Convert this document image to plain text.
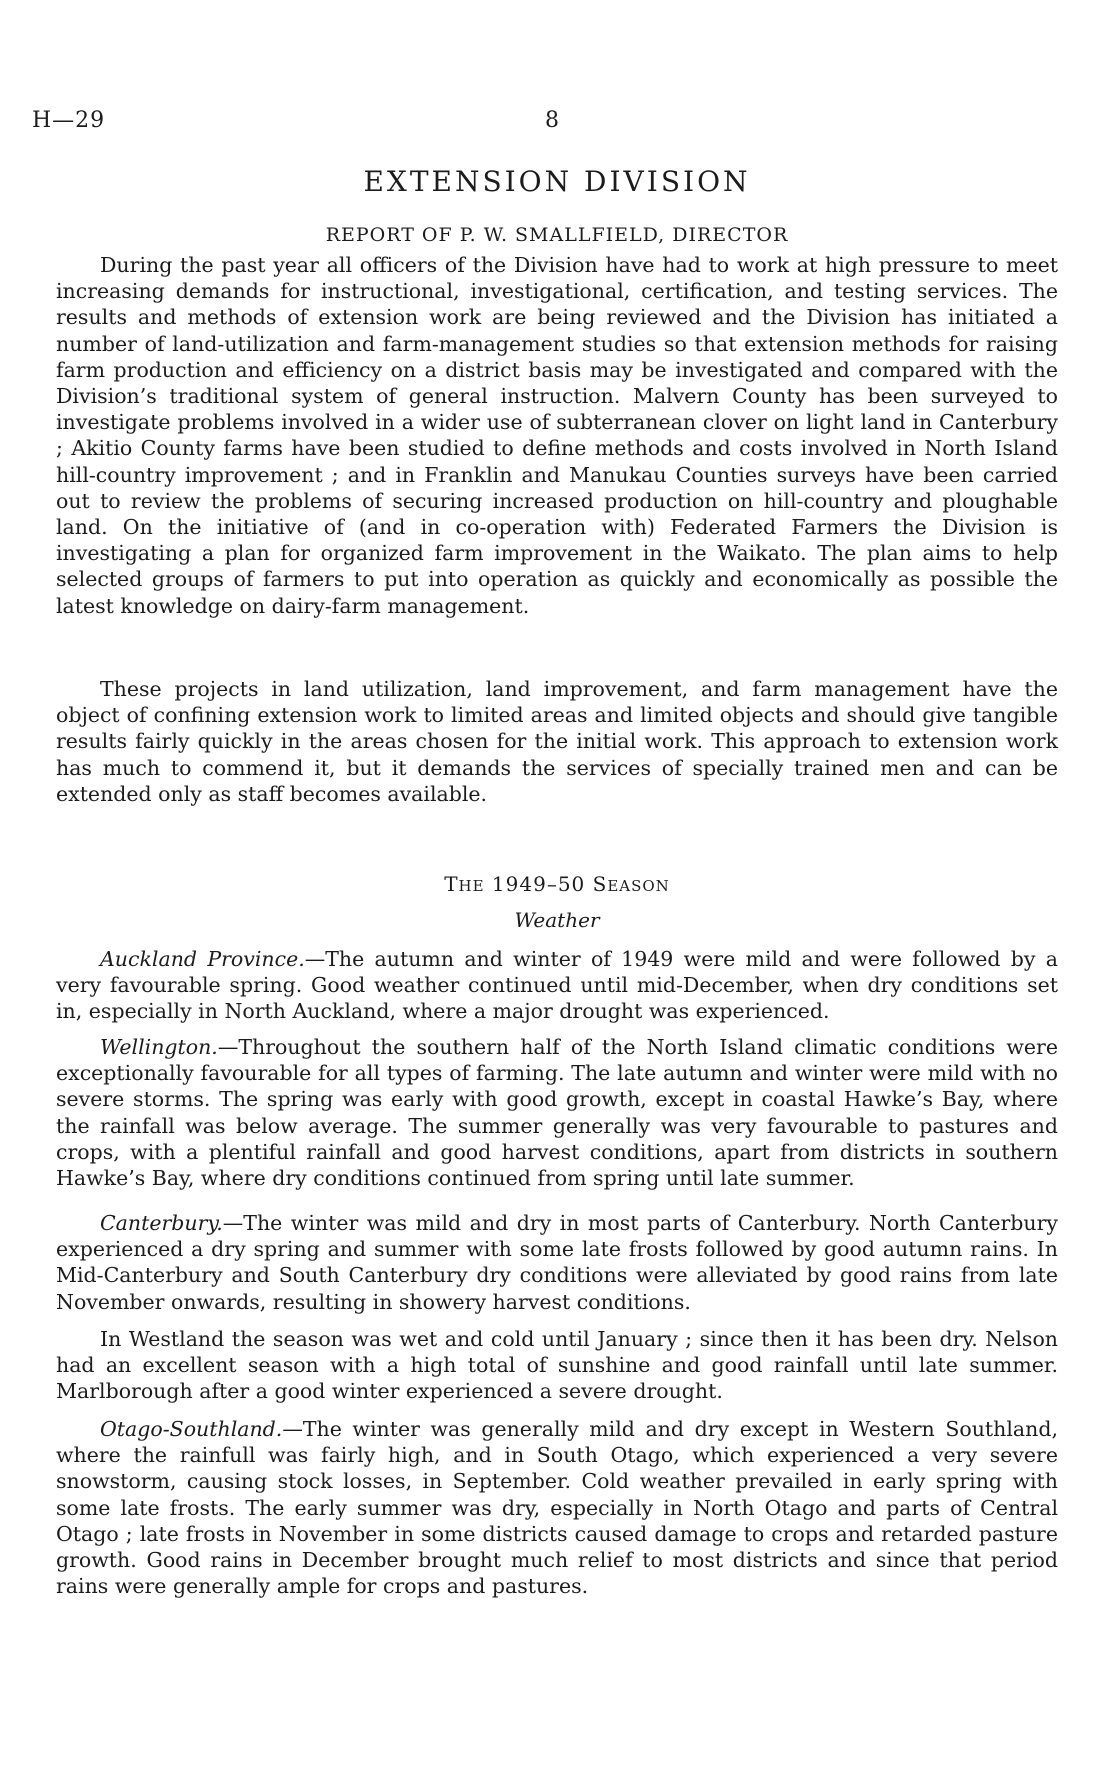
H—29	8
EXTENSION DIVISION
REPORT OF P. W. SMALLFIELD, DIRECTOR

During the past year all officers of the Division have had to work at high pressure to meet increasing demands for instructional, investigational, certification, and testing services. The results and methods of extension work are being reviewed and the Division has initiated a number of land-utilization and farm-management studies so that extension methods for raising farm production and efficiency on a district basis may be investigated and compared with the Division’s traditional system of general instruction. Malvern County has been surveyed to investigate problems involved in a wider use of subterranean clover on light land in Canterbury ; Akitio County farms have been studied to define methods and costs involved in North Island hill-country improvement ; and in Franklin and Manukau Counties surveys have been carried out to review the problems of securing increased production on hill-country and ploughable land. On the initiative of (and in co-operation with) Federated Farmers the Division is investigating a plan for organized farm improvement in the Waikato. The plan aims to help selected groups of farmers to put into operation as quickly and economically as possible the latest knowledge on dairy-farm management.

These projects in land utilization, land improvement, and farm management have the object of confining extension work to limited areas and limited objects and should give tangible results fairly quickly in the areas chosen for the initial work. This approach to extension work has much to commend it, but it demands the services of specially trained men and can be extended only as staff becomes available.

THE 1949–50 SEASON
Weather

Auckland Province.—The autumn and winter of 1949 were mild and were followed by a very favourable spring. Good weather continued until mid-December, when dry conditions set in, especially in North Auckland, where a major drought was experienced.

Wellington.—Throughout the southern half of the North Island climatic conditions were exceptionally favourable for all types of farming. The late autumn and winter were mild with no severe storms. The spring was early with good growth, except in coastal Hawke’s Bay, where the rainfall was below average. The summer generally was very favourable to pastures and crops, with a plentiful rainfall and good harvest conditions, apart from districts in southern Hawke’s Bay, where dry conditions continued from spring until late summer.

Canterbury.—The winter was mild and dry in most parts of Canterbury. North Canterbury experienced a dry spring and summer with some late frosts followed by good autumn rains. In Mid-Canterbury and South Canterbury dry conditions were alleviated by good rains from late November onwards, resulting in showery harvest conditions.

In Westland the season was wet and cold until January ; since then it has been dry. Nelson had an excellent season with a high total of sunshine and good rainfall until late summer. Marlborough after a good winter experienced a severe drought.

Otago-Southland.—The winter was generally mild and dry except in Western Southland, where the rainfull was fairly high, and in South Otago, which experienced a very severe snowstorm, causing stock losses, in September. Cold weather prevailed in early spring with some late frosts. The early summer was dry, especially in North Otago and parts of Central Otago ; late frosts in November in some districts caused damage to crops and retarded pasture growth. Good rains in December brought much relief to most districts and since that period rains were generally ample for crops and pastures.
